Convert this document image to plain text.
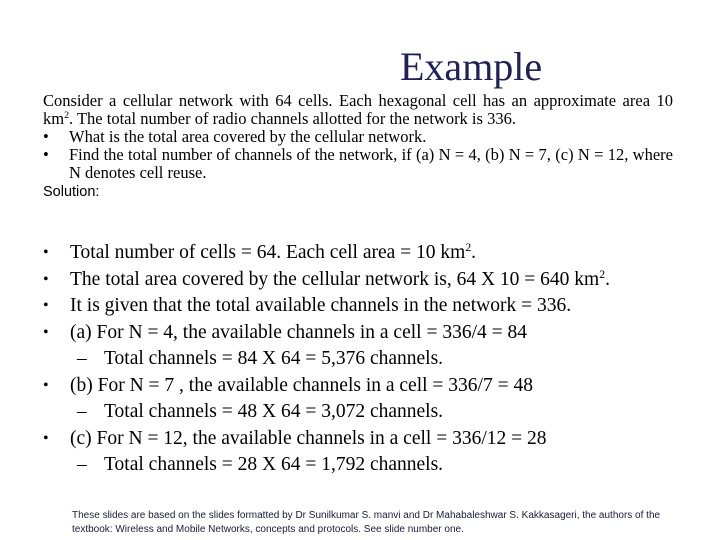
Example

Consider a cellular network with 64 cells. Each hexagonal cell has an approximate area 10 $km^2$. The total number of radio channels allotted for the network is 336.

• What is the total area covered by the cellular network.
• Find the total number of channels of the network, if (a) N = 4, (b) N = 7, (c) N = 12, where N denotes cell reuse.

Solution:

• Total number of cells = 64. Each cell area = 10 $km^2$.
• The total area covered by the cellular network is, 64 X 10 = 640 $km^2$.
• It is given that the total available channels in the network = 336.
• (a) For N = 4, the available channels in a cell = 336/4 = 84
– Total channels = 84 X 64 = 5,376 channels.
• (b) For N = 7 , the available channels in a cell = 336/7 = 48
– Total channels = 48 X 64 = 3,072 channels.
• (c) For N = 12, the available channels in a cell = 336/12 = 28
– Total channels = 28 X 64 = 1,792 channels.
These slides are based on the slides formatted by Dr Sunilkumar S. manvi and Dr Mahabaleshwar S. Kakkasageri, the authors of the textbook: Wireless and Mobile Networks, concepts and protocols. See slide number one.
